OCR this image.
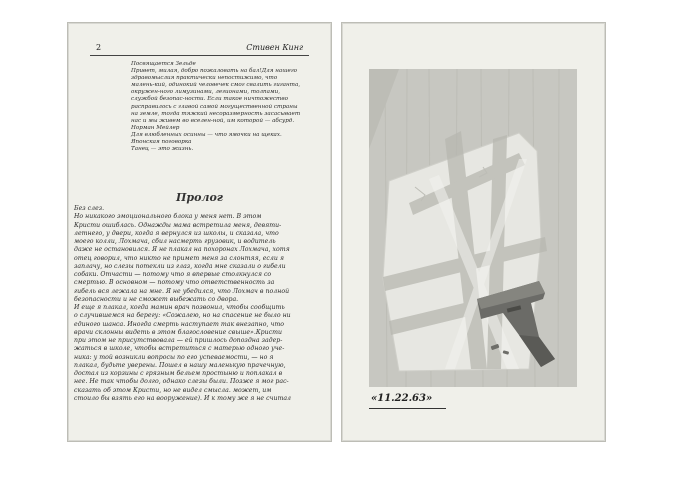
2	Стивен Кинг

Посвящается Зельде

Привет, милая, добро пожаловать на бал!Для нашего здравомыслия практически непостижимо, что малень-кий, одинокий человечек смог свалить гиганта, окружен-ного лимузинами, легионами, толпами, службой безопас-ности. Если такое ничтожество расправилось с главой самой могущественной страны на земле, тогда тяжкий несоразмерность засасывает нас и мы живем во вселен-ной, им которой — абсурд.

Норман Мейлер

Для влюбленных осинны — что ямочки на щеках.

Японская поговорка

Танец — это жизнь.

Пролог

Без слез.

Но никакого эмоционального блока у меня нет. В этом

Кристи ошиблась. Однажды мама встретила меня, девяти-

летнего, у двери, когда я вернулся из школы, и сказала, что

моего колли, Лохмача, сбил насмерть грузовик, и водитель

даже не остановился. Я не плакал на похоронах Лохмача, хотя

отец говорил, что никто не примет меня за слонтяя, если я

заплачу, но слезы потекли из глаз, когда мне сказали о гибели

собаки. Отчасти — потому что я впервые столкнулся со

смертью. В основном — потому что ответственность за

гибель вся лежала на мне. Я не убедился, что Лохмач в полной

безопасности и не сможет выбежать со двора.

И еще я плакал, когда мамин врач позвонил, чтобы сообщить

о случившемся на берегу: «Сожалею, но на спасение не было ни

единого шанса. Иногда смерть наступает так внезапно, что

врачи склонны видеть в этом благословение свыше».Кристи

при этом не присутствовала — ей пришлось допоздна задер-

жаться в школе, чтобы встретиться с матерью одного уче-

ника: у той возникли вопросы по его успеваемости, — но я

плакал, будьте уверены. Пошел в нашу маленькую прачечную,

достал из корзины с грязным бельем простыню и поплакал в

нее. Не так чтобы долго, однако слезы были. Позже я мог рас-

сказать об этом Кристи, но не видел смысла. может, им

стоило бы взять его на вооружение). И к тому же я не считал	«11.22.63»
